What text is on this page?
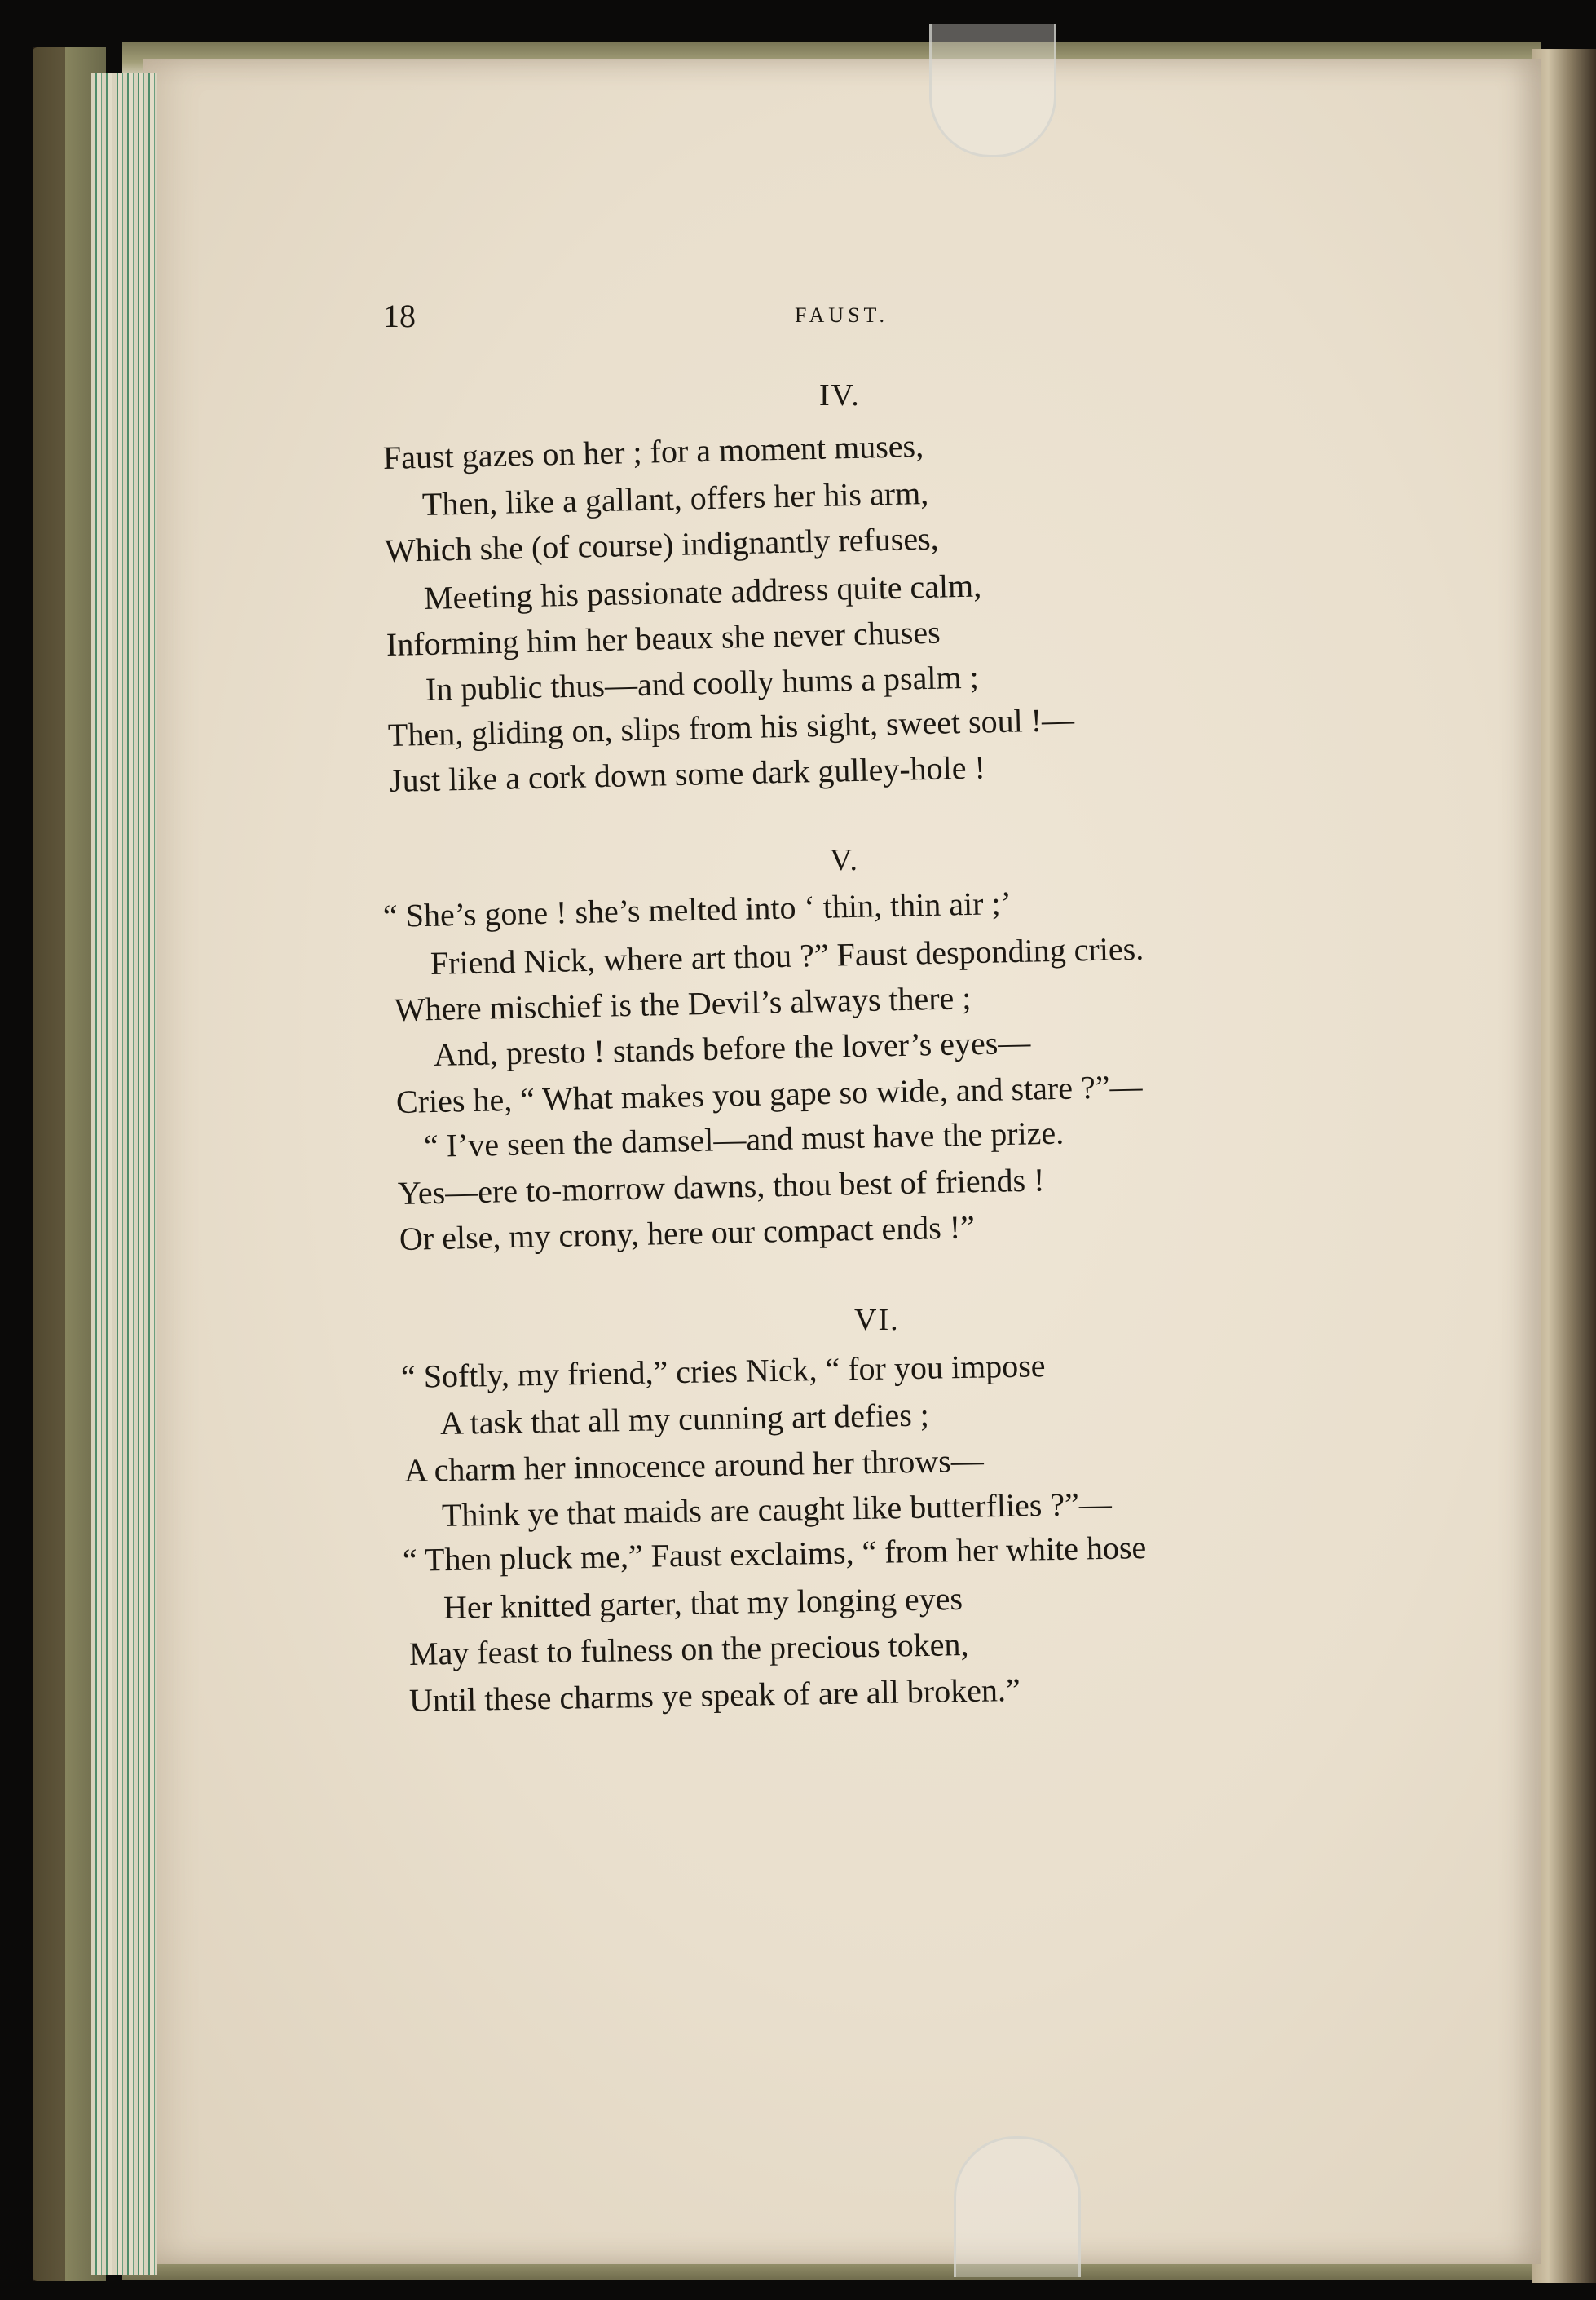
18	FAUST.
IV.
Faust gazes on her ; for a moment muses,
Then, like a gallant, offers her his arm,
Which she (of course) indignantly refuses,
Meeting his passionate address quite calm,
Informing him her beaux she never chuses
In public thus—and coolly hums a psalm ;
Then, gliding on, slips from his sight, sweet soul !—
Just like a cork down some dark gulley-hole !
V.
“ She’s gone ! she’s melted into ‘ thin, thin air ;’
Friend Nick, where art thou ?” Faust desponding cries.
Where mischief is the Devil’s always there ;
And, presto ! stands before the lover’s eyes—
Cries he, “ What makes you gape so wide, and stare ?”—
“ I’ve seen the damsel—and must have the prize.
Yes—ere to-morrow dawns, thou best of friends !
Or else, my crony, here our compact ends !”
VI.
“ Softly, my friend,” cries Nick, “ for you impose
A task that all my cunning art defies ;
A charm her innocence around her throws—
Think ye that maids are caught like butterflies ?”—
“ Then pluck me,” Faust exclaims, “ from her white hose
Her knitted garter, that my longing eyes
May feast to fulness on the precious token,
Until these charms ye speak of are all broken.”
